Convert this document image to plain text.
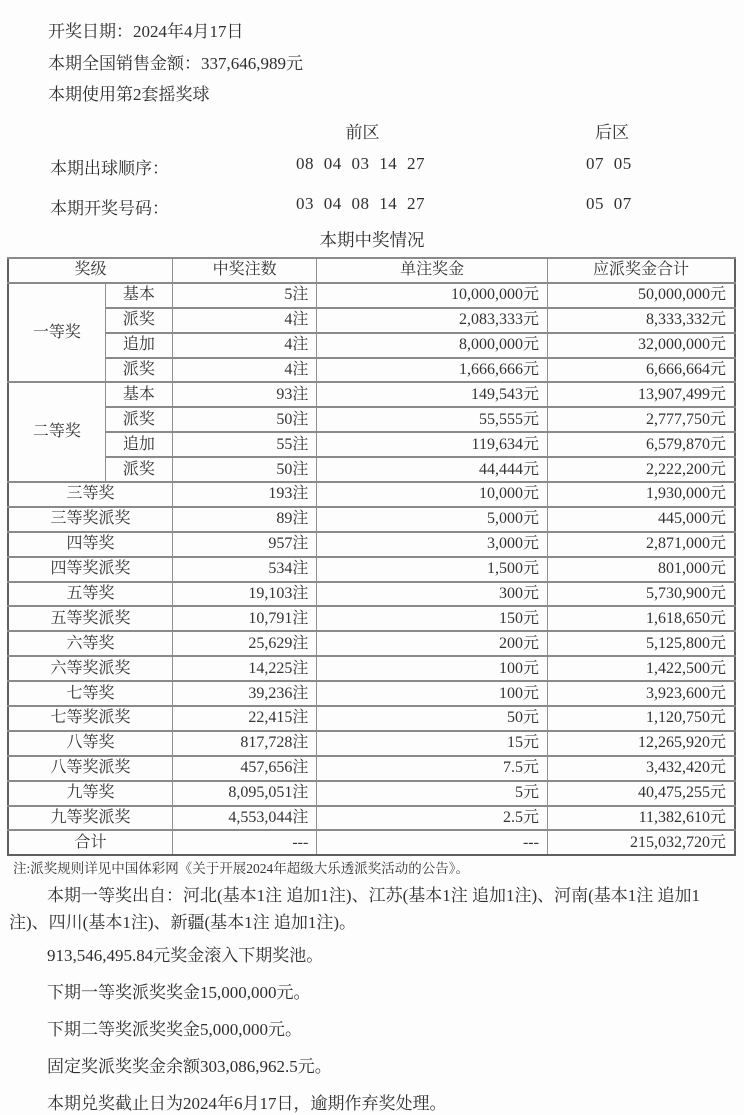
开奖日期：2024年4月17日
本期全国销售金额：337,646,989元
本期使用第2套摇奖球
前区	后区
本期出球顺序：	08 04 03 14 27	07 05
本期开奖号码：	03 04 08 14 27	05 07
本期中奖情况
奖级		中奖注数	单注奖金	应派奖金合计
一等奖	基本	5注	10,000,000元	50,000,000元
	派奖	4注	2,083,333元	8,333,332元
	追加	4注	8,000,000元	32,000,000元
	派奖	4注	1,666,666元	6,666,664元
二等奖	基本	93注	149,543元	13,907,499元
	派奖	50注	55,555元	2,777,750元
	追加	55注	119,634元	6,579,870元
	派奖	50注	44,444元	2,222,200元
三等奖		193注	10,000元	1,930,000元
三等奖派奖		89注	5,000元	445,000元
四等奖		957注	3,000元	2,871,000元
四等奖派奖		534注	1,500元	801,000元
五等奖		19,103注	300元	5,730,900元
五等奖派奖		10,791注	150元	1,618,650元
六等奖		25,629注	200元	5,125,800元
六等奖派奖		14,225注	100元	1,422,500元
七等奖		39,236注	100元	3,923,600元
七等奖派奖		22,415注	50元	1,120,750元
八等奖		817,728注	15元	12,265,920元
八等奖派奖		457,656注	7.5元	3,432,420元
九等奖		8,095,051注	5元	40,475,255元
九等奖派奖		4,553,044注	2.5元	11,382,610元
合计		---	---	215,032,720元

注:派奖规则详见中国体彩网《关于开展2024年超级大乐透派奖活动的公告》。

本期一等奖出自：河北(基本1注 追加1注)、江苏(基本1注 追加1注)、河南(基本1注 追加1注)、四川(基本1注)、新疆(基本1注 追加1注)。

913,546,495.84元奖金滚入下期奖池。

下期一等奖派奖奖金15,000,000元。

下期二等奖派奖奖金5,000,000元。

固定奖派奖奖金余额303,086,962.5元。

本期兑奖截止日为2024年6月17日，逾期作弃奖处理。
